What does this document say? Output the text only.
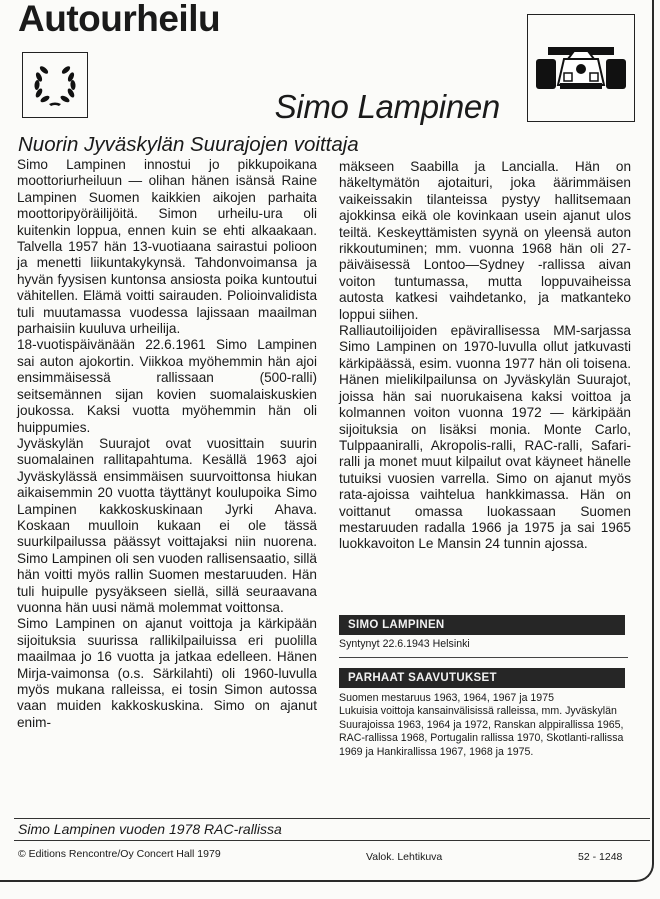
Autourheilu
Simo Lampinen
Nuorin Jyväskylän Suurajojen voittaja

Simo Lampinen innostui jo pikkupoikana moottoriurheiluun — olihan hänen isänsä Raine Lampinen Suomen kaikkien aikojen parhaita moottoripyöräilijöitä. Simon urheilu-ura oli kuitenkin loppua, ennen kuin se ehti alkaakaan. Talvella 1957 hän 13-vuotiaana sairastui polioon ja menetti liikuntakykynsä. Tahdonvoimansa ja hyvän fyysisen kuntonsa ansiosta poika kuntoutui vähitellen. Elämä voitti sairauden. Polioinvalidista tuli muutamassa vuodessa lajissaan maailman parhaisiin kuuluva urheilija.

18-vuotispäivänään 22.6.1961 Simo Lampinen sai auton ajokortin. Viikkoa myöhemmin hän ajoi ensimmäisessä rallissaan (500-ralli) seitsemännen sijan kovien suomalaiskuskien joukossa. Kaksi vuotta myöhemmin hän oli huippumies.

Jyväskylän Suurajot ovat vuosittain suurin suomalainen rallitapahtuma. Kesällä 1963 ajoi Jyväskylässä ensimmäisen suurvoittonsa hiukan aikaisemmin 20 vuotta täyttänyt koulupoika Simo Lampinen kakkoskuskinaan Jyrki Ahava. Koskaan muulloin kukaan ei ole tässä suurkilpailussa päässyt voittajaksi niin nuorena. Simo Lampinen oli sen vuoden rallisensaatio, sillä hän voitti myös rallin Suomen mestaruuden. Hän tuli huipulle pysyäkseen siellä, sillä seuraavana vuonna hän uusi nämä molemmat voittonsa.

Simo Lampinen on ajanut voittoja ja kärkipään sijoituksia suurissa rallikilpailuissa eri puolilla maailmaa jo 16 vuotta ja jatkaa edelleen. Hänen Mirja-vaimonsa (o.s. Särkilahti) oli 1960-luvulla myös mukana ralleissa, ei tosin Simon autossa vaan muiden kakkoskuskina. Simo on ajanut enim-

mäkseen Saabilla ja Lancialla. Hän on häkeltymätön ajotaituri, joka äärimmäisen vaikeissakin tilanteissa pystyy hallitsemaan ajokkinsa eikä ole kovinkaan usein ajanut ulos teiltä. Keskeyttämisten syynä on yleensä auton rikkoutuminen; mm. vuonna 1968 hän oli 27-päiväisessä Lontoo—Sydney -rallissa aivan voiton tuntumassa, mutta loppuvaiheissa autosta katkesi vaihdetanko, ja matkanteko loppui siihen.

Ralliautoilijoiden epävirallisessa MM-sarjassa Simo Lampinen on 1970-luvulla ollut jatkuvasti kärkipäässä, esim. vuonna 1977 hän oli toisena. Hänen mielikilpailunsa on Jyväskylän Suurajot, joissa hän sai nuorukaisena kaksi voittoa ja kolmannen voiton vuonna 1972 — kärkipään sijoituksia on lisäksi monia. Monte Carlo, Tulppaaniralli, Akropolis-ralli, RAC-ralli, Safari-ralli ja monet muut kilpailut ovat käyneet hänelle tutuiksi vuosien varrella. Simo on ajanut myös rata-ajoissa vaihtelua hankkimassa. Hän on voittanut omassa luokassaan Suomen mestaruuden radalla 1966 ja 1975 ja sai 1965 luokkavoiton Le Mansin 24 tunnin ajossa.

SIMO LAMPINEN
Syntynyt 22.6.1943 Helsinki
PARHAAT SAAVUTUKSET
Suomen mestaruus 1963, 1964, 1967 ja 1975
Lukuisia voittoja kansainvälisissä ralleissa, mm. Jyväskylän Suurajoissa 1963, 1964 ja 1972, Ranskan alppirallissa 1965, RAC-rallissa 1968, Portugalin rallissa 1970, Skotlanti-rallissa 1969 ja Hankirallissa 1967, 1968 ja 1975.
Simo Lampinen vuoden 1978 RAC-rallissa
© Editions Rencontre/Oy Concert Hall 1979	Valok. Lehtikuva	52 - 1248
